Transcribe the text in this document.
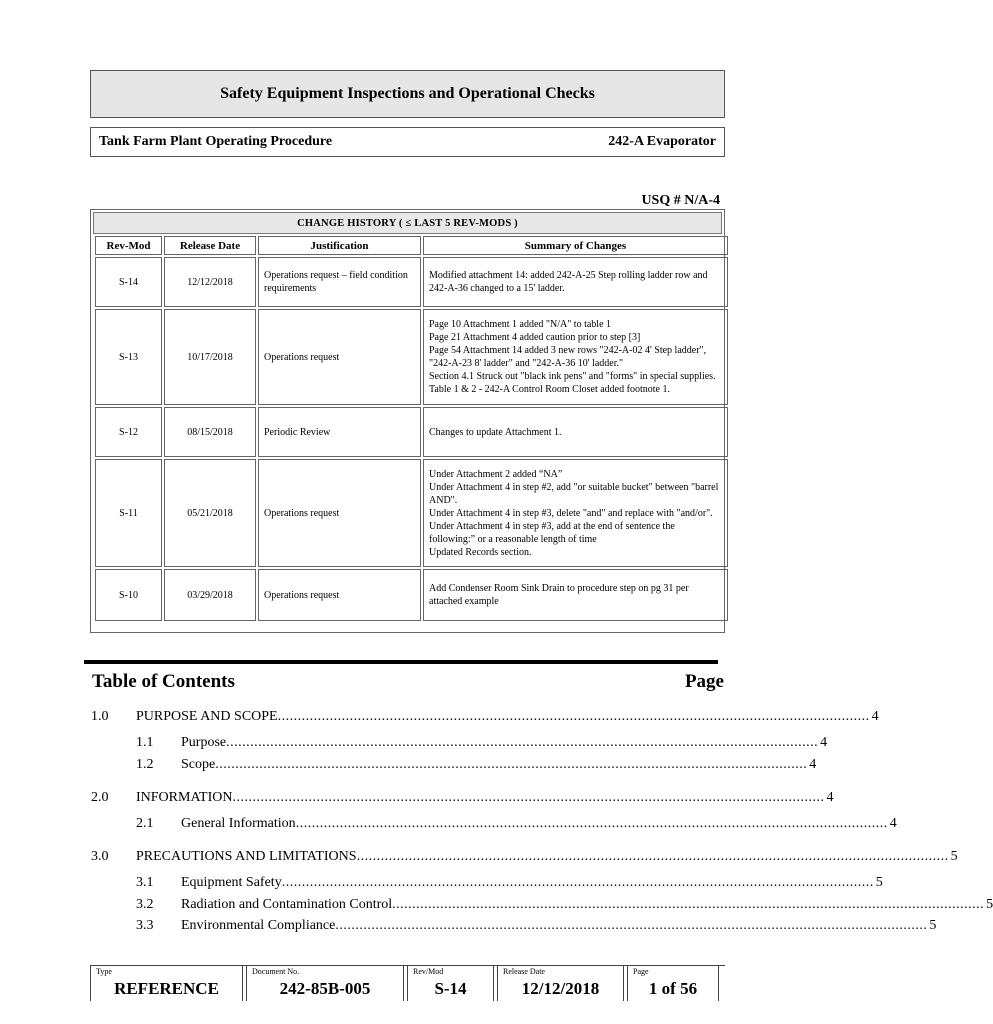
Safety Equipment Inspections and Operational Checks
Tank Farm Plant Operating Procedure	242-A Evaporator
USQ # N/A-4
CHANGE HISTORY ( ≤ LAST 5 REV-MODS )
Rev-Mod	Release Date	Justification	Summary of Changes
S-14	12/12/2018	Operations request – field condition requirements	Modified attachment 14: added 242-A-25 Step rolling ladder row and 242-A-36 changed to a 15' ladder.

S-13	10/17/2018	Operations request	Page 10 Attachment 1 added "N/A" to table 1
Page 21 Attachment 4 added caution prior to step [3]
Page 54 Attachment 14 added 3 new rows "242-A-02 4' Step ladder", "242-A-23 8' ladder" and "242-A-36 10' ladder."
Section 4.1 Struck out "black ink pens" and "forms" in special supplies. Table 1 & 2 - 242-A Control Room Closet added footnote 1.

S-12	08/15/2018	Periodic Review	Changes to update Attachment 1.

S-11	05/21/2018	Operations request	Under Attachment 2 added “NA”
Under Attachment 4 in step #2, add "or suitable bucket" between "barrel AND".
Under Attachment 4 in step #3, delete "and" and replace with "and/or".
Under Attachment 4 in step #3, add at the end of sentence the following:” or a reasonable length of time
Updated Records section.

S-10	03/29/2018	Operations request	Add Condenser Room Sink Drain to procedure step on pg 31 per attached example
Table of Contents	Page
1.0 PURPOSE AND SCOPE .................................................................................................................................................... 4
1.1 Purpose .................................................................................................................................................... 4
1.2 Scope .................................................................................................................................................... 4
2.0 INFORMATION .................................................................................................................................................... 4
2.1 General Information .................................................................................................................................................... 4
3.0 PRECAUTIONS AND LIMITATIONS .................................................................................................................................................... 5
3.1 Equipment Safety .................................................................................................................................................... 5
3.2 Radiation and Contamination Control .................................................................................................................................................... 5
3.3 Environmental Compliance .................................................................................................................................................... 5
Type
REFERENCE
Document No.
242-85B-005
Rev/Mod
S-14
Release Date
12/12/2018
Page
1 of 56
